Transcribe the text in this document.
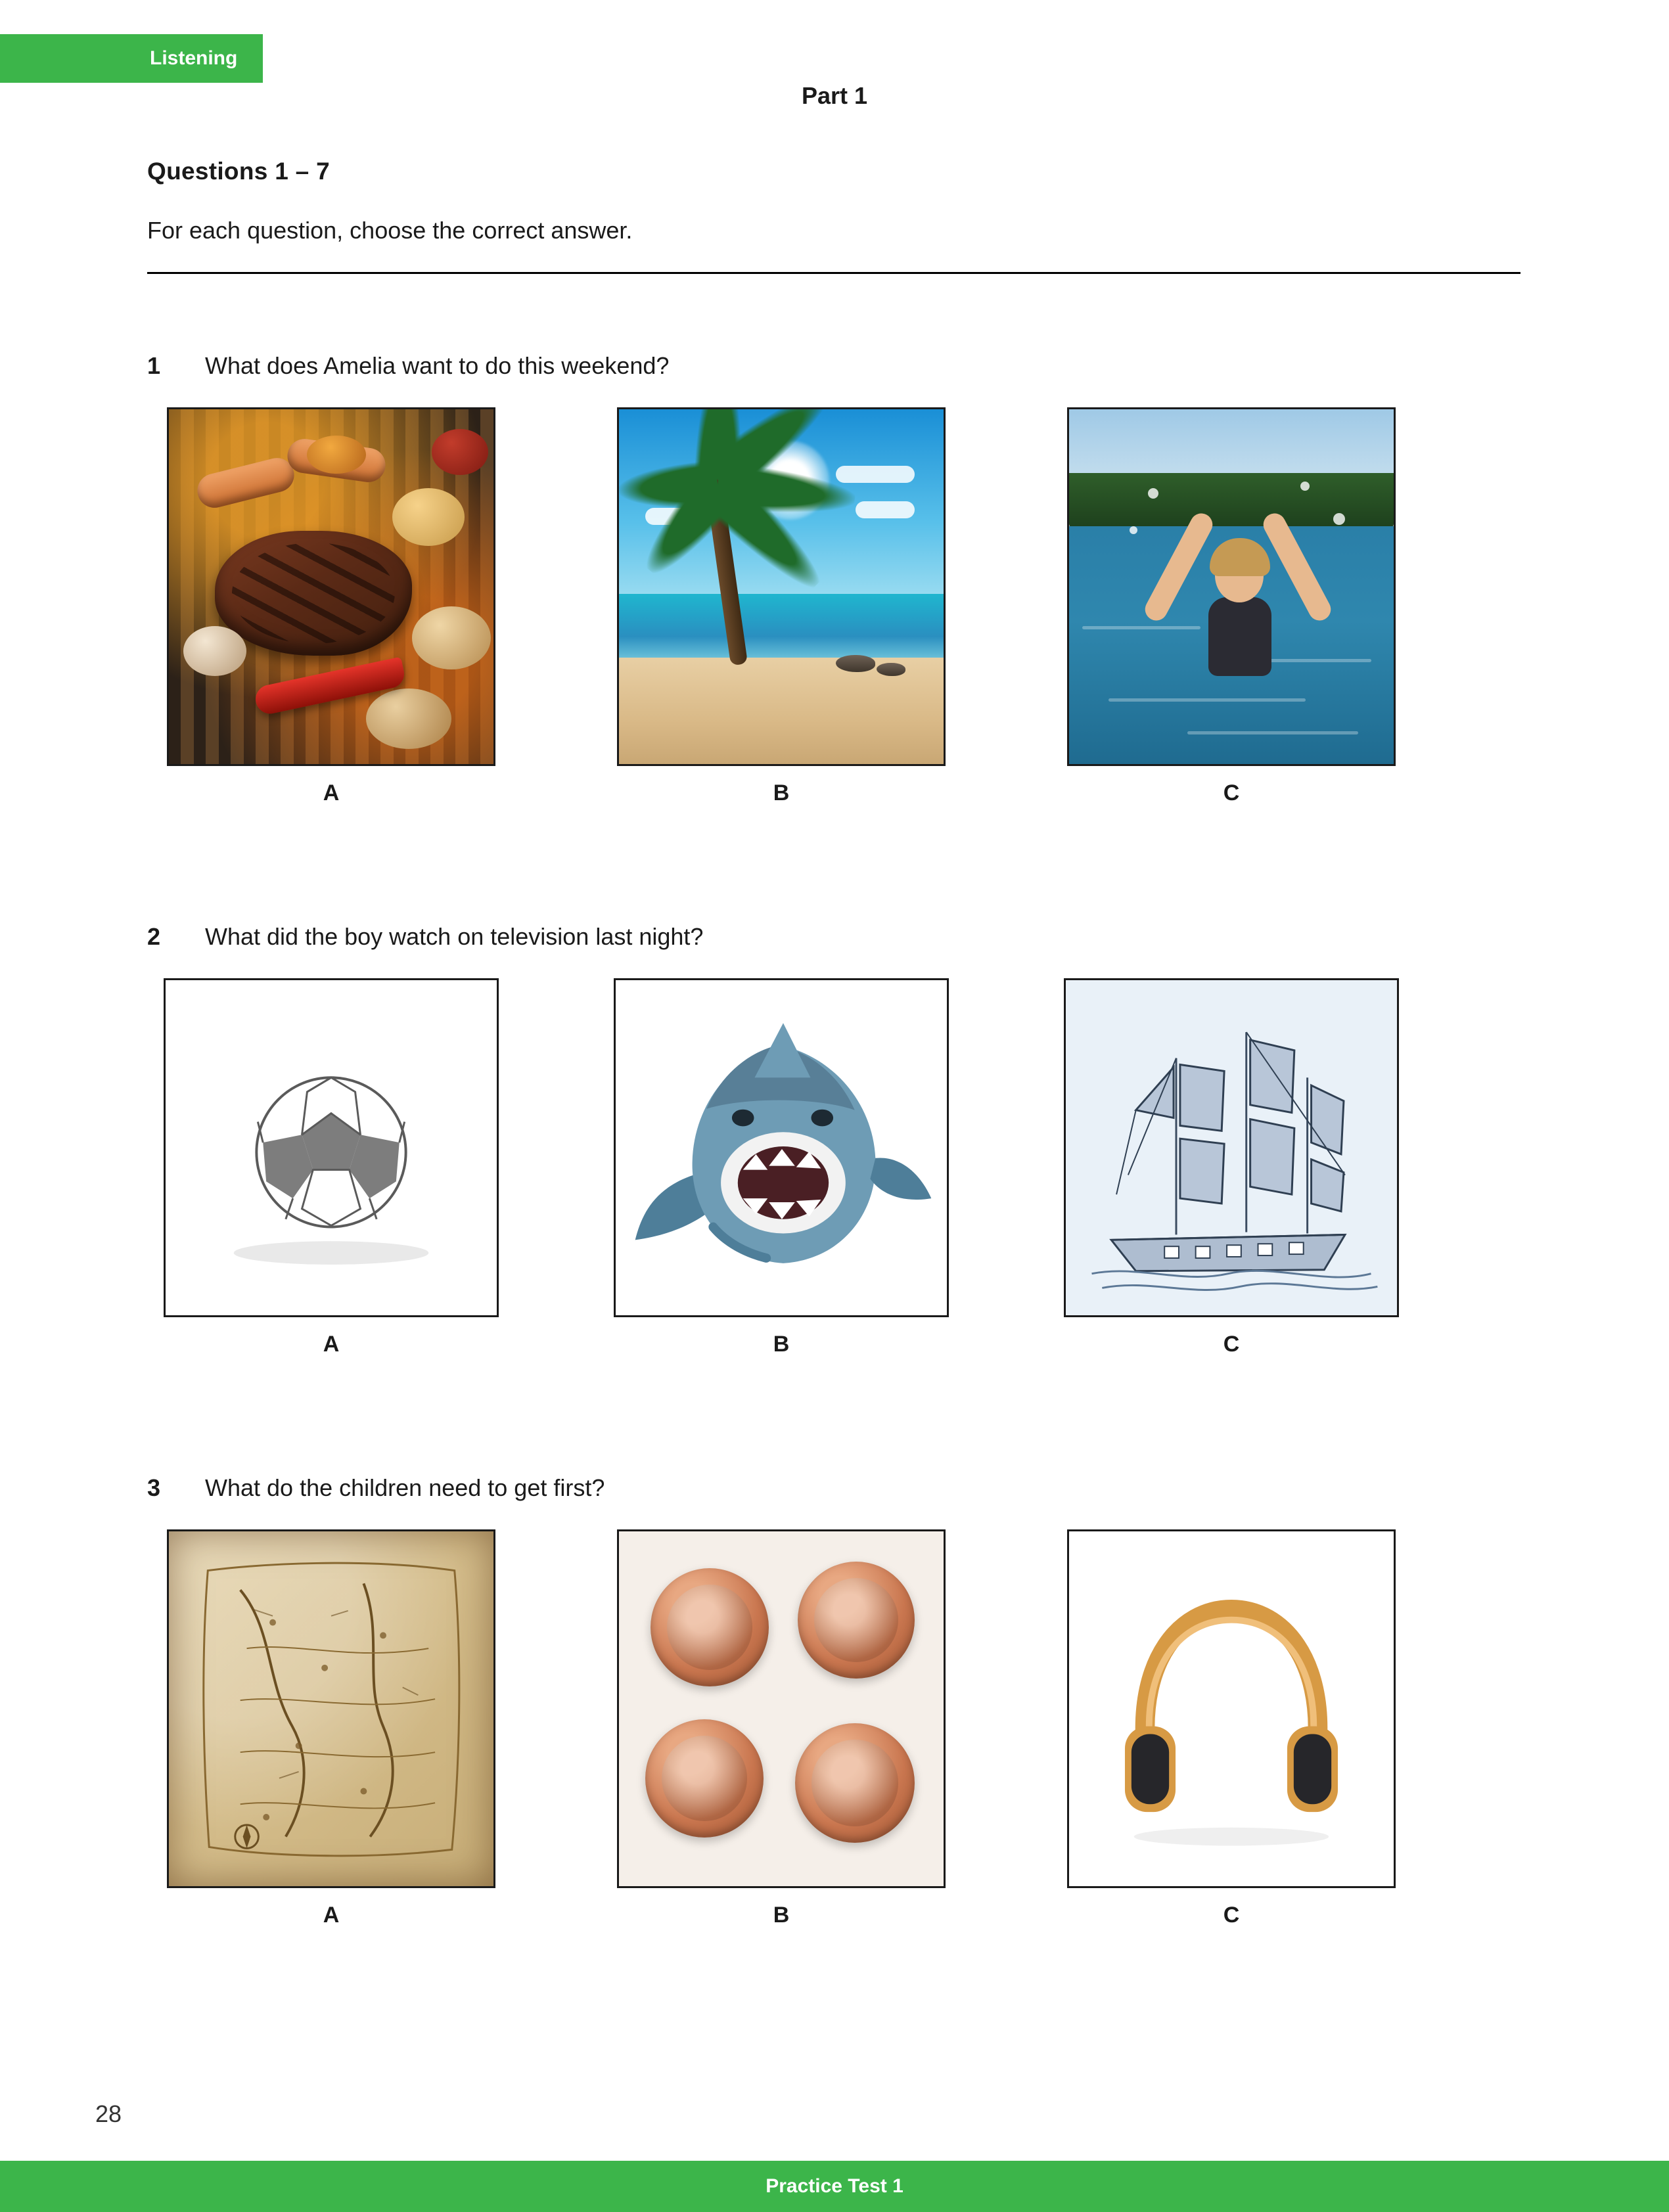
Listening
Part 1
Questions 1 – 7
For each question, choose the correct answer.
1	What does Amelia want to do this weekend?
A	B	C
2	What did the boy watch on television last night?
A	B	C
3	What do the children need to get first?
A	B	C
28
Practice Test 1
